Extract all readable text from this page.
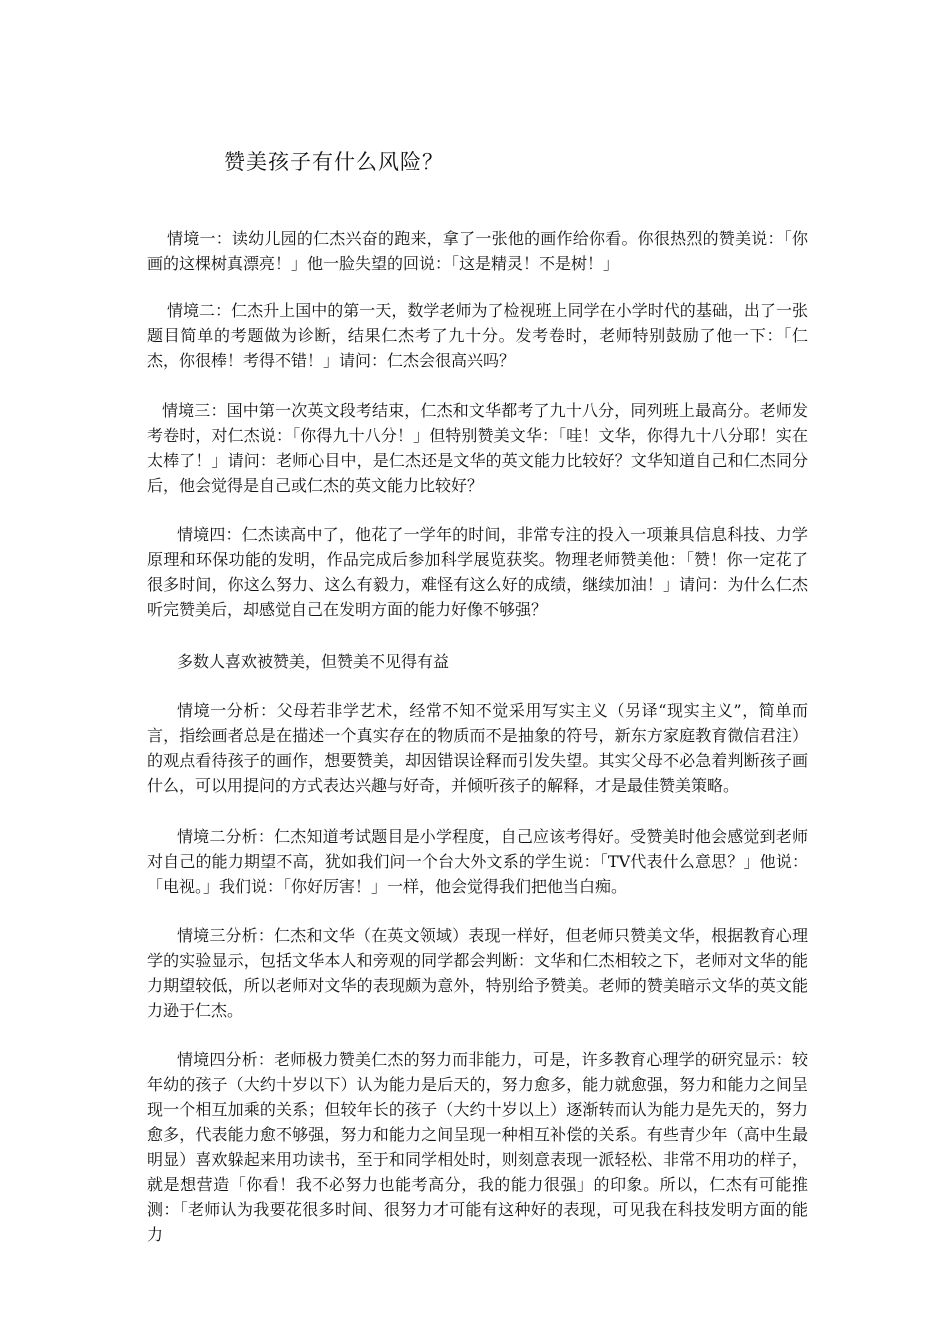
赞美孩子有什么风险？

情境一：读幼儿园的仁杰兴奋的跑来，拿了一张他的画作给你看。你很热烈的赞美说：「你画的这棵树真漂亮！」他一脸失望的回说：「这是精灵！不是树！」

情境二：仁杰升上国中的第一天，数学老师为了检视班上同学在小学时代的基础，出了一张题目简单的考题做为诊断，结果仁杰考了九十分。发考卷时，老师特别鼓励了他一下：「仁杰，你很棒！考得不错！」请问：仁杰会很高兴吗？

情境三：国中第一次英文段考结束，仁杰和文华都考了九十八分，同列班上最高分。老师发考卷时，对仁杰说：「你得九十八分！」但特别赞美文华：「哇！文华，你得九十八分耶！实在太棒了！」请问：老师心目中，是仁杰还是文华的英文能力比较好？文华知道自己和仁杰同分后，他会觉得是自己或仁杰的英文能力比较好？

情境四：仁杰读高中了，他花了一学年的时间，非常专注的投入一项兼具信息科技、力学原理和环保功能的发明，作品完成后参加科学展览获奖。物理老师赞美他：「赞！你一定花了很多时间，你这么努力、这么有毅力，难怪有这么好的成绩，继续加油！」请问：为什么仁杰听完赞美后，却感觉自己在发明方面的能力好像不够强？

多数人喜欢被赞美，但赞美不见得有益

情境一分析：父母若非学艺术，经常不知不觉采用写实主义（另译“现实主义”，简单而言，指绘画者总是在描述一个真实存在的物质而不是抽象的符号，新东方家庭教育微信君注）的观点看待孩子的画作，想要赞美，却因错误诠释而引发失望。其实父母不必急着判断孩子画什么，可以用提问的方式表达兴趣与好奇，并倾听孩子的解释，才是最佳赞美策略。

情境二分析：仁杰知道考试题目是小学程度，自己应该考得好。受赞美时他会感觉到老师对自己的能力期望不高，犹如我们问一个台大外文系的学生说：「TV代表什么意思？」他说：「电视。」我们说：「你好厉害！」一样，他会觉得我们把他当白痴。

情境三分析：仁杰和文华（在英文领域）表现一样好，但老师只赞美文华，根据教育心理学的实验显示，包括文华本人和旁观的同学都会判断：文华和仁杰相较之下，老师对文华的能力期望较低，所以老师对文华的表现颇为意外，特别给予赞美。老师的赞美暗示文华的英文能力逊于仁杰。

情境四分析：老师极力赞美仁杰的努力而非能力，可是，许多教育心理学的研究显示：较年幼的孩子（大约十岁以下）认为能力是后天的，努力愈多，能力就愈强，努力和能力之间呈现一个相互加乘的关系；但较年长的孩子（大约十岁以上）逐渐转而认为能力是先天的，努力愈多，代表能力愈不够强，努力和能力之间呈现一种相互补偿的关系。有些青少年（高中生最明显）喜欢躲起来用功读书，至于和同学相处时，则刻意表现一派轻松、非常不用功的样子，就是想营造「你看！我不必努力也能考高分，我的能力很强」的印象。所以，仁杰有可能推测：「老师认为我要花很多时间、很努力才可能有这种好的表现，可见我在科技发明方面的能力
